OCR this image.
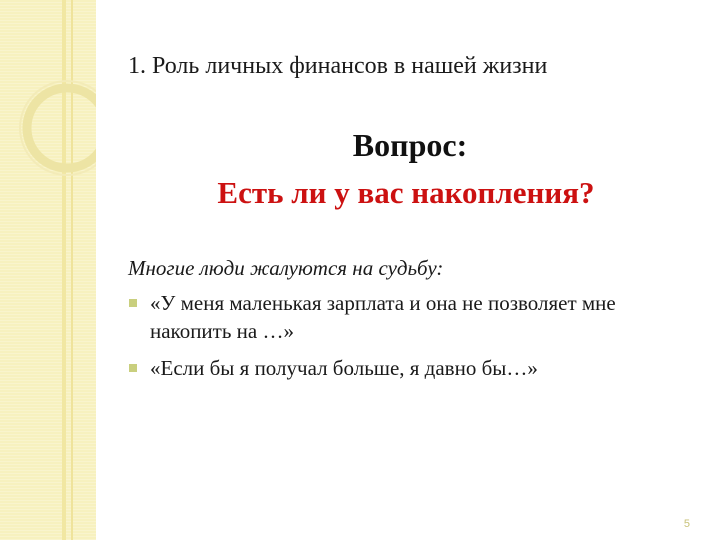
1. Роль личных финансов в нашей жизни
Вопрос:
Есть ли у вас накопления?
Многие люди жалуются на судьбу:
«У меня маленькая зарплата и она не позволяет мне накопить на …»
«Если бы я получал больше, я давно бы…»
5
